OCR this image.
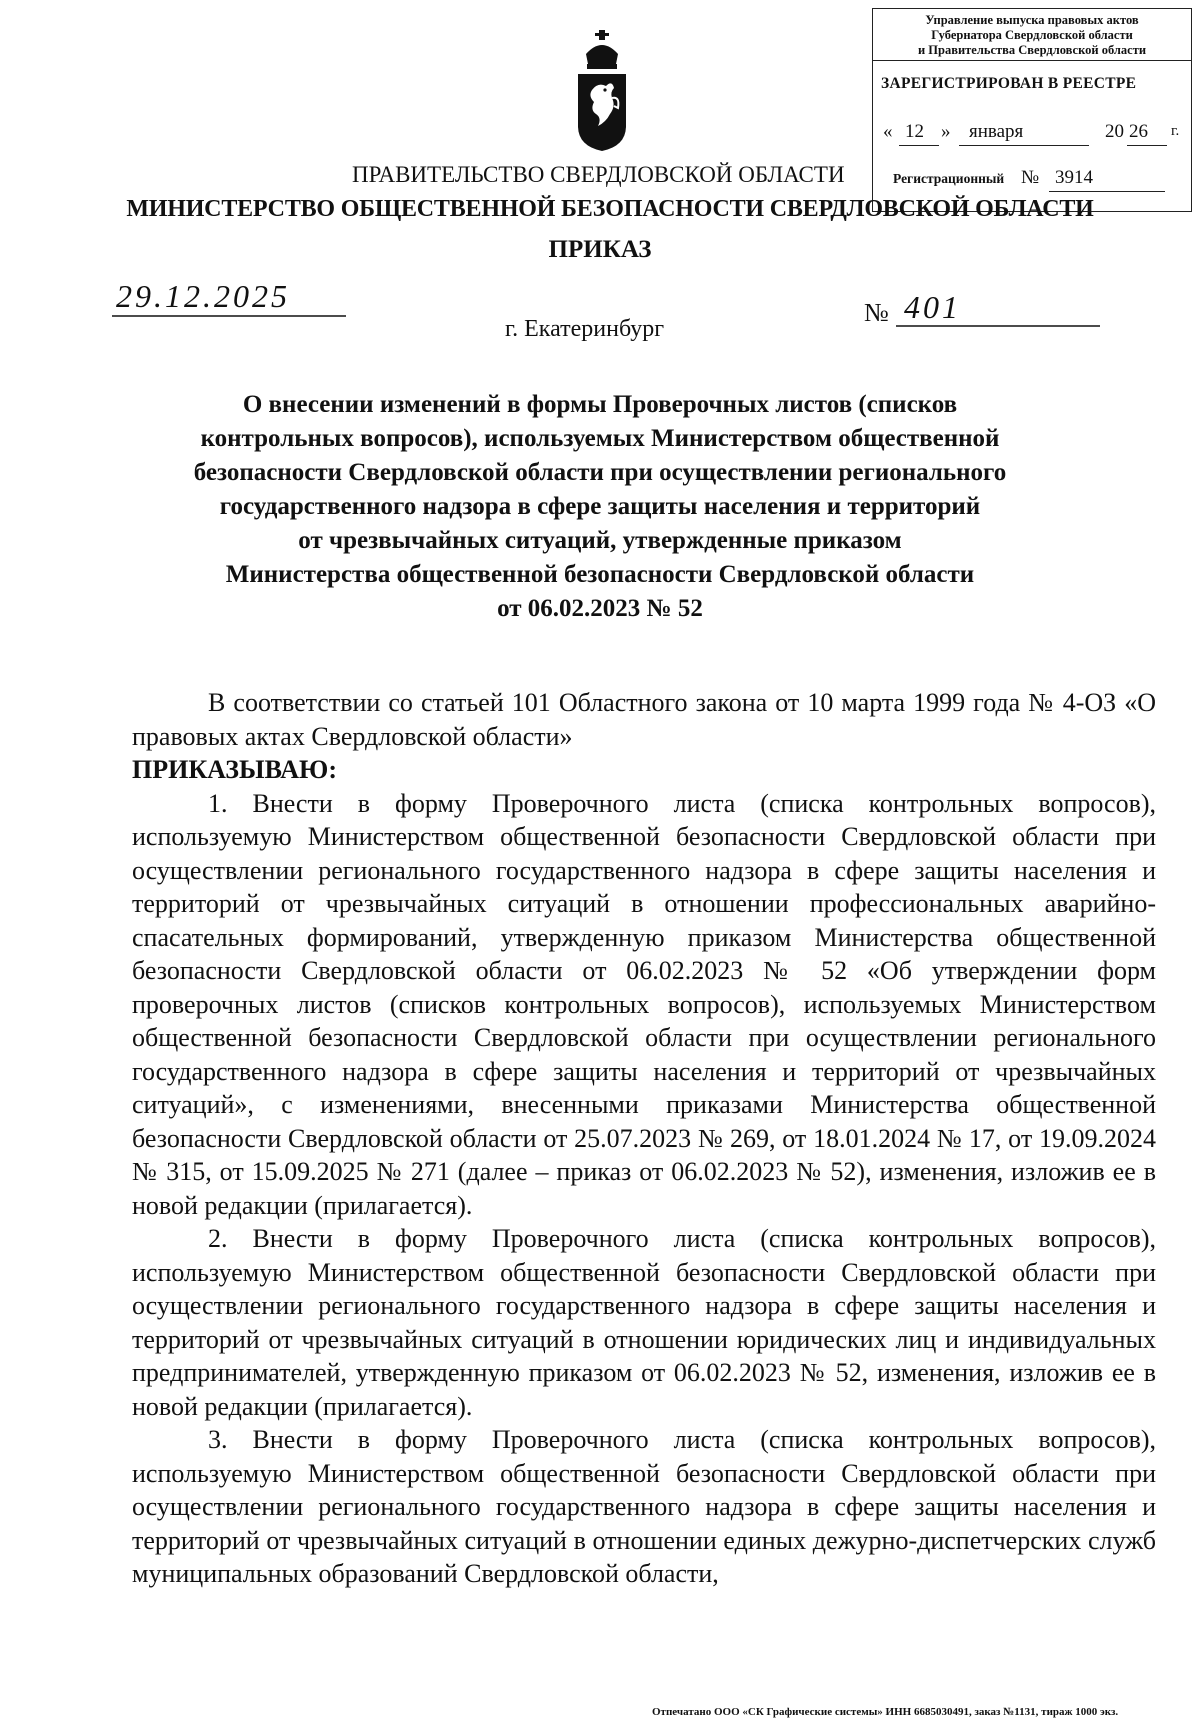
Управление выпуска правовых актов
Губернатора Свердловской области
и Правительства Свердловской области
ЗАРЕГИСТРИРОВАН В РЕЕСТРЕ
« 12 » января	20 26 г.
Регистрационный № 3914
ПРАВИТЕЛЬСТВО СВЕРДЛОВСКОЙ ОБЛАСТИ
МИНИСТЕРСТВО ОБЩЕСТВЕННОЙ БЕЗОПАСНОСТИ СВЕРДЛОВСКОЙ ОБЛАСТИ
ПРИКАЗ
29.12.2025
г. Екатеринбург
№ 401
О внесении изменений в формы Проверочных листов (списков
контрольных вопросов), используемых Министерством общественной
безопасности Свердловской области при осуществлении регионального
государственного надзора в сфере защиты населения и территорий
от чрезвычайных ситуаций, утвержденные приказом
Министерства общественной безопасности Свердловской области
от 06.02.2023 № 52

В соответствии со статьей 101 Областного закона от 10 марта 1999 года № 4-ОЗ «О правовых актах Свердловской области»

ПРИКАЗЫВАЮ:

1. Внести в форму Проверочного листа (списка контрольных вопросов), используемую Министерством общественной безопасности Свердловской области при осуществлении регионального государственного надзора в сфере защиты населения и территорий от чрезвычайных ситуаций в отношении профессиональных аварийно-спасательных формирований, утвержденную приказом Министерства общественной безопасности Свердловской области от 06.02.2023 № 52 «Об утверждении форм проверочных листов (списков контрольных вопросов), используемых Министерством общественной безопасности Свердловской области при осуществлении регионального государственного надзора в сфере защиты населения и территорий от чрезвычайных ситуаций», с изменениями, внесенными приказами Министерства общественной безопасности Свердловской области от 25.07.2023 № 269, от 18.01.2024 № 17, от 19.09.2024 № 315, от 15.09.2025 № 271 (далее – приказ от 06.02.2023 № 52), изменения, изложив ее в новой редакции (прилагается).

2. Внести в форму Проверочного листа (списка контрольных вопросов), используемую Министерством общественной безопасности Свердловской области при осуществлении регионального государственного надзора в сфере защиты населения и территорий от чрезвычайных ситуаций в отношении юридических лиц и индивидуальных предпринимателей, утвержденную приказом от 06.02.2023 № 52, изменения, изложив ее в новой редакции (прилагается).

3. Внести в форму Проверочного листа (списка контрольных вопросов), используемую Министерством общественной безопасности Свердловской области при осуществлении регионального государственного надзора в сфере защиты населения и территорий от чрезвычайных ситуаций в отношении единых дежурно-диспетчерских служб муниципальных образований Свердловской области,

Отпечатано ООО «СК Графические системы» ИНН 6685030491, заказ №1131, тираж 1000 экз.
